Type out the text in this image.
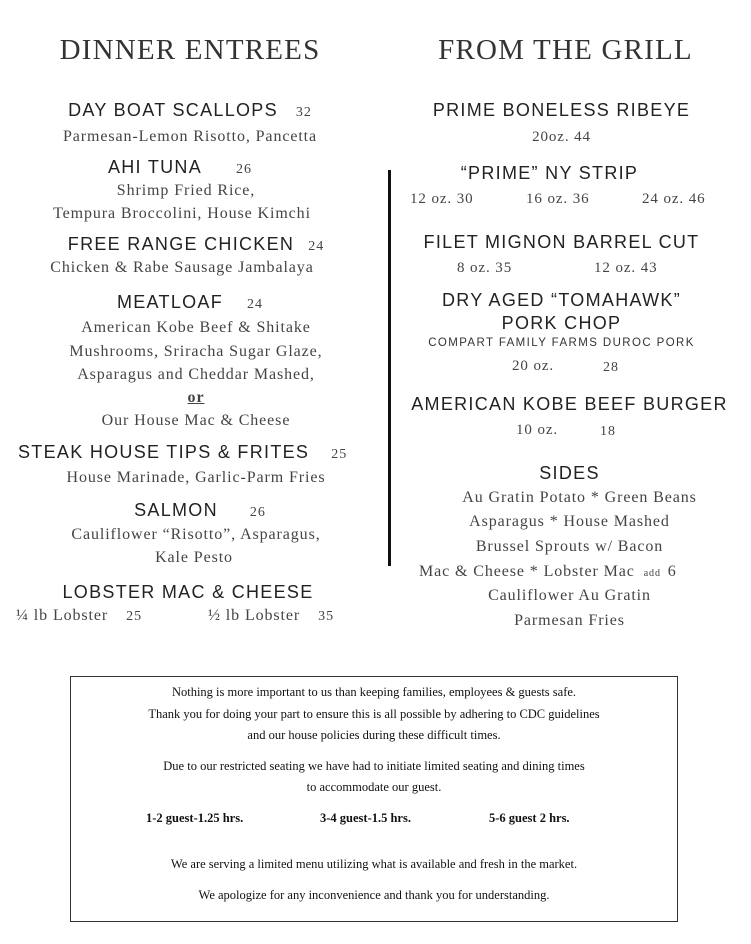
DINNER ENTREES
DAY BOAT SCALLOPS 32
Parmesan-Lemon Risotto, Pancetta
AHI TUNA 26
Shrimp Fried Rice,
Tempura Broccolini, House Kimchi
FREE RANGE CHICKEN 24
Chicken & Rabe Sausage Jambalaya
MEATLOAF 24
American Kobe Beef & Shitake
Mushrooms, Sriracha Sugar Glaze,
Asparagus and Cheddar Mashed,
or
Our House Mac & Cheese
STEAK HOUSE TIPS & FRITES 25
House Marinade, Garlic-Parm Fries
SALMON 26
Cauliflower “Risotto”, Asparagus,
Kale Pesto
LOBSTER MAC & CHEESE
¼ lb Lobster 25	½ lb Lobster 35
FROM THE GRILL
PRIME BONELESS RIBEYE
20oz. 44
“PRIME” NY STRIP
12 oz. 30	16 oz. 36	24 oz. 46
FILET MIGNON BARREL CUT
8 oz. 35	12 oz. 43
DRY AGED “TOMAHAWK”
PORK CHOP
COMPART FAMILY FARMS DUROC PORK
20 oz.	28
AMERICAN KOBE BEEF BURGER
10 oz.	18
SIDES
Au Gratin Potato * Green Beans
Asparagus * House Mashed
Brussel Sprouts w/ Bacon
Mac & Cheese * Lobster Mac add 6
Cauliflower Au Gratin
Parmesan Fries
Nothing is more important to us than keeping families, employees & guests safe.
Thank you for doing your part to ensure this is all possible by adhering to CDC guidelines
and our house policies during these difficult times.
Due to our restricted seating we have had to initiate limited seating and dining times
to accommodate our guest.
1-2 guest-1.25 hrs.	3-4 guest-1.5 hrs.	5-6 guest 2 hrs.
We are serving a limited menu utilizing what is available and fresh in the market.
We apologize for any inconvenience and thank you for understanding.
